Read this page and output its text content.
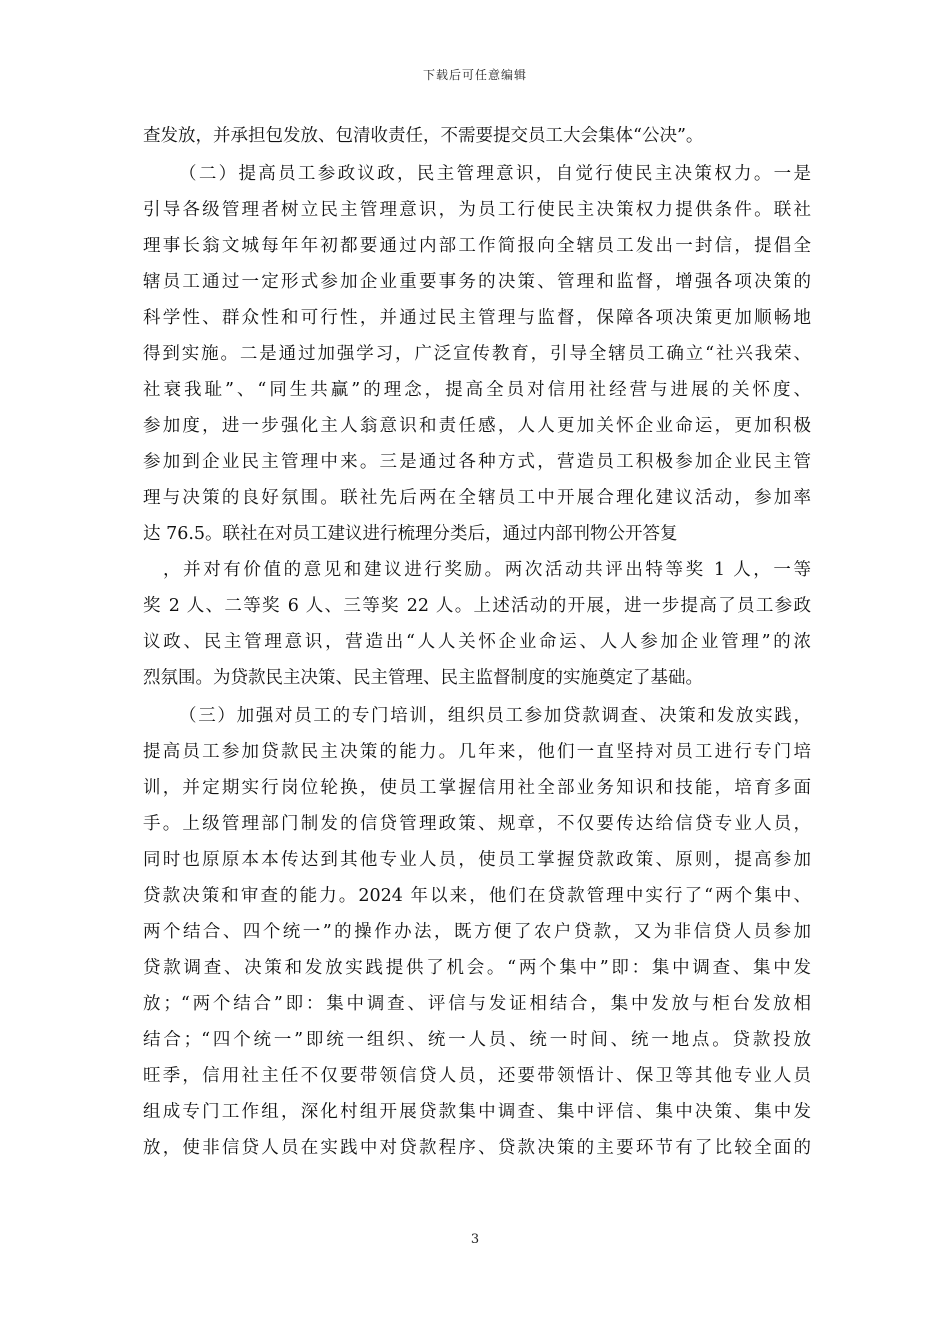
下载后可任意编辑
查发放，并承担包发放、包清收责任，不需要提交员工大会集体“公决”。
（二）提高员工参政议政，民主管理意识，自觉行使民主决策权力。一是
引导各级管理者树立民主管理意识，为员工行使民主决策权力提供条件。联社
理事长翁文城每年年初都要通过内部工作简报向全辖员工发出一封信，提倡全
辖员工通过一定形式参加企业重要事务的决策、管理和监督，增强各项决策的
科学性、群众性和可行性，并通过民主管理与监督，保障各项决策更加顺畅地
得到实施。二是通过加强学习，广泛宣传教育，引导全辖员工确立“社兴我荣、
社衰我耻”、“同生共赢”的理念，提高全员对信用社经营与进展的关怀度、
参加度，进一步强化主人翁意识和责任感，人人更加关怀企业命运，更加积极
参加到企业民主管理中来。三是通过各种方式，营造员工积极参加企业民主管
理与决策的良好氛围。联社先后两在全辖员工中开展合理化建议活动，参加率
达 76.5。联社在对员工建议进行梳理分类后，通过内部刊物公开答复
，并对有价值的意见和建议进行奖励。两次活动共评出特等奖 1 人，一等
奖 2 人、二等奖 6 人、三等奖 22 人。上述活动的开展，进一步提高了员工参政
议政、民主管理意识，营造出“人人关怀企业命运、人人参加企业管理”的浓
烈氛围。为贷款民主决策、民主管理、民主监督制度的实施奠定了基础。
（三）加强对员工的专门培训，组织员工参加贷款调查、决策和发放实践，
提高员工参加贷款民主决策的能力。几年来，他们一直坚持对员工进行专门培
训，并定期实行岗位轮换，使员工掌握信用社全部业务知识和技能，培育多面
手。上级管理部门制发的信贷管理政策、规章，不仅要传达给信贷专业人员，
同时也原原本本传达到其他专业人员，使员工掌握贷款政策、原则，提高参加
贷款决策和审查的能力。2024 年以来，他们在贷款管理中实行了“两个集中、
两个结合、四个统一”的操作办法，既方便了农户贷款，又为非信贷人员参加
贷款调查、决策和发放实践提供了机会。“两个集中”即：集中调查、集中发
放；“两个结合”即：集中调查、评信与发证相结合，集中发放与柜台发放相
结合；“四个统一”即统一组织、统一人员、统一时间、统一地点。贷款投放
旺季，信用社主任不仅要带领信贷人员，还要带领悟计、保卫等其他专业人员
组成专门工作组，深化村组开展贷款集中调查、集中评信、集中决策、集中发
放，使非信贷人员在实践中对贷款程序、贷款决策的主要环节有了比较全面的
3
